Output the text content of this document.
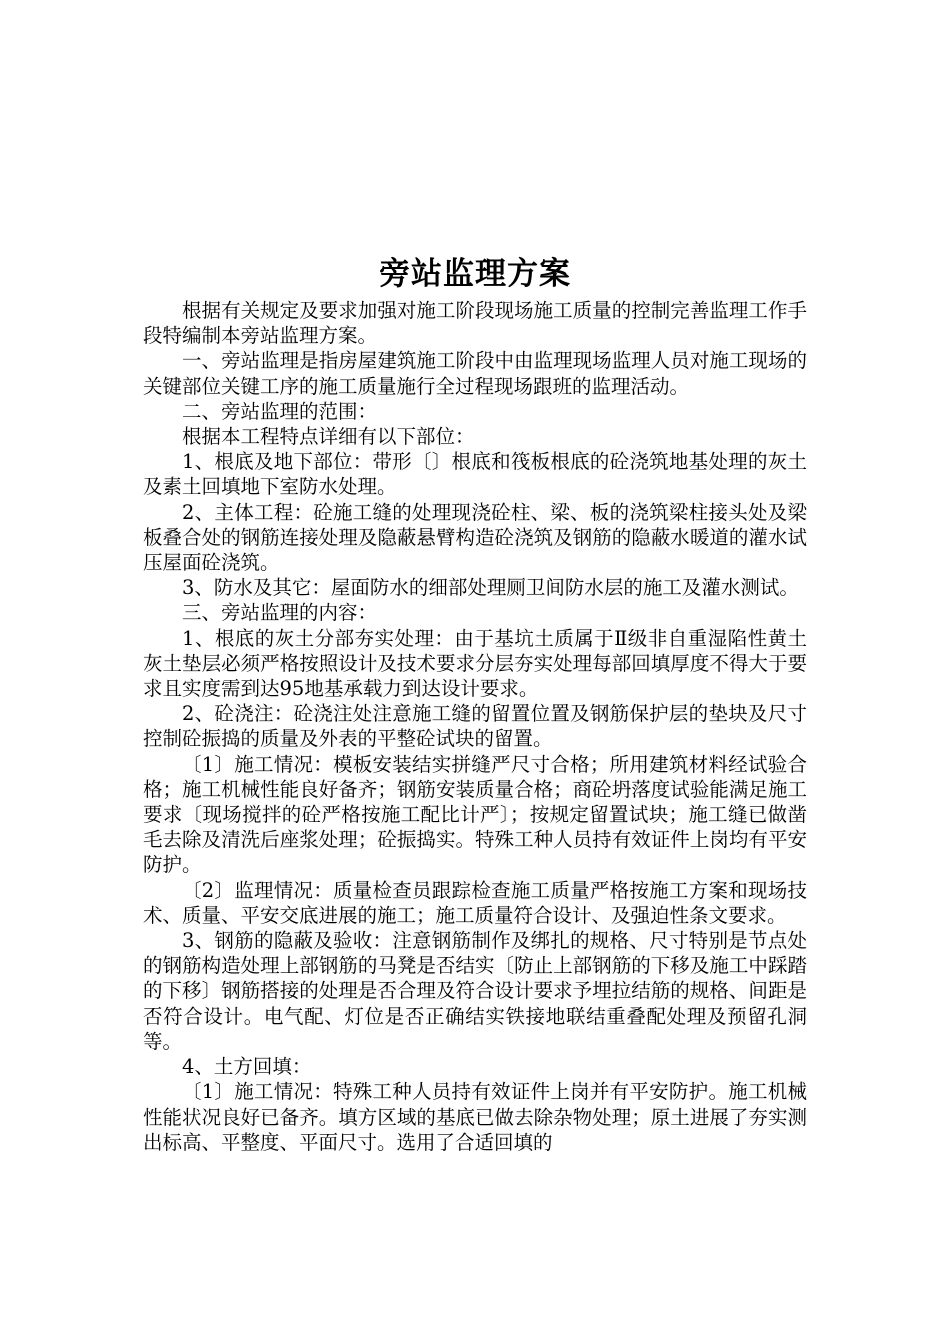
旁站监理方案

根据有关规定及要求加强对施工阶段现场施工质量的控制完善监理工作手段特编制本旁站监理方案。

一、旁站监理是指房屋建筑施工阶段中由监理现场监理人员对施工现场的关键部位关键工序的施工质量施行全过程现场跟班的监理活动。

二、旁站监理的范围：

根据本工程特点详细有以下部位：

1、根底及地下部位：带形〔〕根底和筏板根底的砼浇筑地基处理的灰土及素土回填地下室防水处理。

2、主体工程：砼施工缝的处理现浇砼柱、梁、板的浇筑梁柱接头处及梁板叠合处的钢筋连接处理及隐蔽悬臂构造砼浇筑及钢筋的隐蔽水暖道的灌水试压屋面砼浇筑。

3、防水及其它：屋面防水的细部处理厕卫间防水层的施工及灌水测试。

三、旁站监理的内容：

1、根底的灰土分部夯实处理：由于基坑土质属于Ⅱ级非自重湿陷性黄土灰土垫层必须严格按照设计及技术要求分层夯实处理每部回填厚度不得大于要求且实度需到达95地基承载力到达设计要求。

2、砼浇注：砼浇注处注意施工缝的留置位置及钢筋保护层的垫块及尺寸控制砼振捣的质量及外表的平整砼试块的留置。

〔1〕施工情况：模板安装结实拼缝严尺寸合格；所用建筑材料经试验合格；施工机械性能良好备齐；钢筋安装质量合格；商砼坍落度试验能满足施工要求〔现场搅拌的砼严格按施工配比计严〕；按规定留置试块；施工缝已做凿毛去除及清洗后座浆处理；砼振捣实。特殊工种人员持有效证件上岗均有平安防护。

〔2〕监理情况：质量检查员跟踪检查施工质量严格按施工方案和现场技术、质量、平安交底进展的施工；施工质量符合设计、及强迫性条文要求。

3、钢筋的隐蔽及验收：注意钢筋制作及绑扎的规格、尺寸特别是节点处的钢筋构造处理上部钢筋的马凳是否结实〔防止上部钢筋的下移及施工中踩踏的下移〕钢筋搭接的处理是否合理及符合设计要求予埋拉结筋的规格、间距是否符合设计。电气配、灯位是否正确结实铁接地联结重叠配处理及预留孔洞等。

4、土方回填：

〔1〕施工情况：特殊工种人员持有效证件上岗并有平安防护。施工机械性能状况良好已备齐。填方区域的基底已做去除杂物处理；原土进展了夯实测出标高、平整度、平面尺寸。选用了合适回填的
